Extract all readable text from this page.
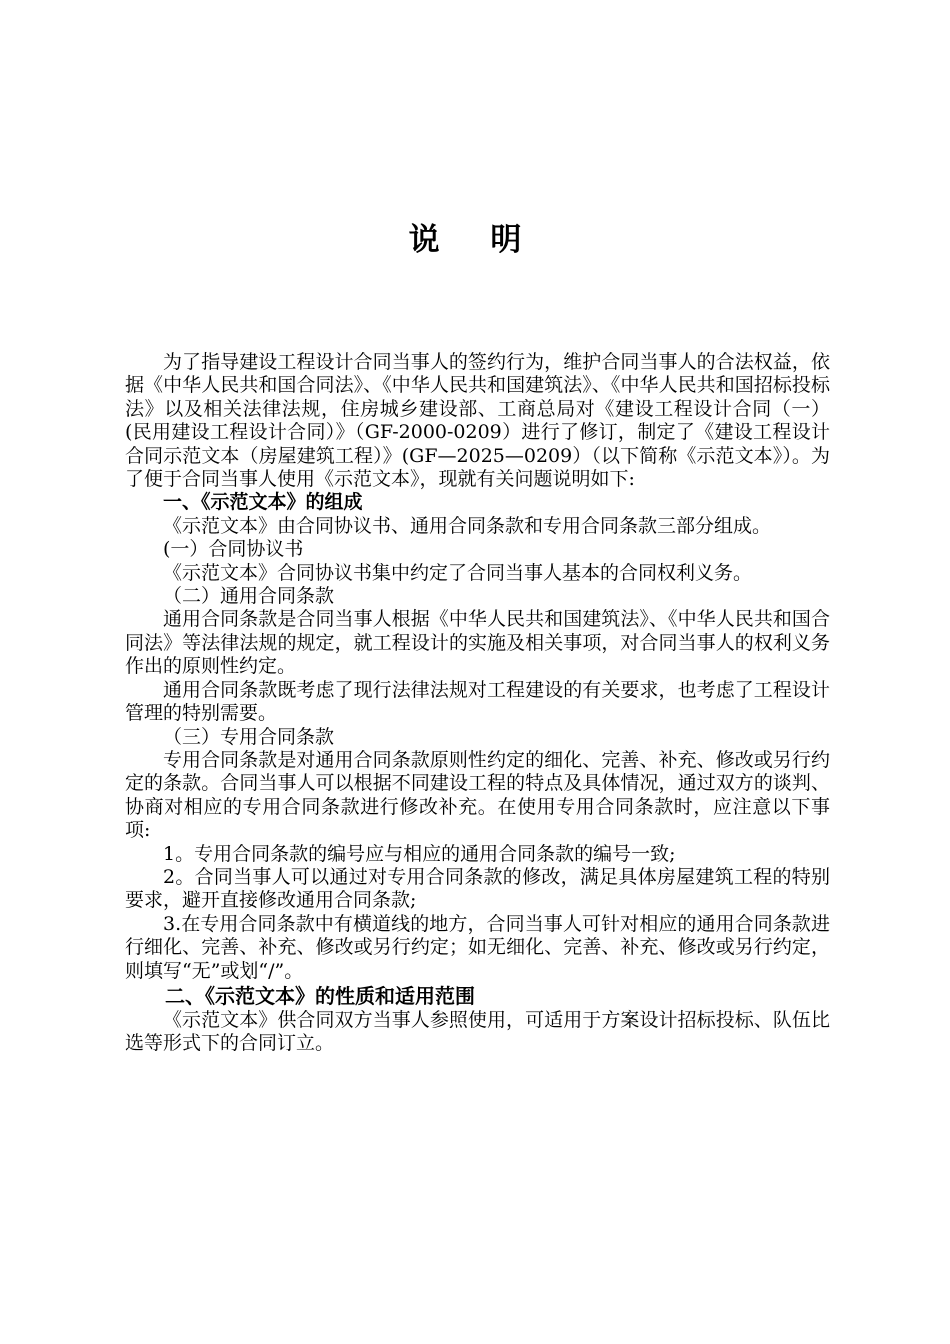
说 明

为了指导建设工程设计合同当事人的签约行为，维护合同当事人的合法权益，依据《中华人民共和国合同法》、《中华人民共和国建筑法》、《中华人民共和国招标投标法》以及相关法律法规，住房城乡建设部、工商总局对《建设工程设计合同（一）(民用建设工程设计合同）》（GF-2000-0209）进行了修订，制定了《建设工程设计合同示范文本（房屋建筑工程）》(GF—2025—0209）（以下简称《示范文本》）。为了便于合同当事人使用《示范文本》，现就有关问题说明如下:

一、《示范文本》的组成

《示范文本》由合同协议书、通用合同条款和专用合同条款三部分组成。

(一）合同协议书

《示范文本》合同协议书集中约定了合同当事人基本的合同权利义务。

（二）通用合同条款

通用合同条款是合同当事人根据《中华人民共和国建筑法》、《中华人民共和国合同法》等法律法规的规定，就工程设计的实施及相关事项，对合同当事人的权利义务作出的原则性约定。

通用合同条款既考虑了现行法律法规对工程建设的有关要求，也考虑了工程设计管理的特别需要。

（三）专用合同条款

专用合同条款是对通用合同条款原则性约定的细化、完善、补充、修改或另行约定的条款。合同当事人可以根据不同建设工程的特点及具体情况，通过双方的谈判、协商对相应的专用合同条款进行修改补充。在使用专用合同条款时，应注意以下事项:

1。专用合同条款的编号应与相应的通用合同条款的编号一致;

2。合同当事人可以通过对专用合同条款的修改，满足具体房屋建筑工程的特别要求，避开直接修改通用合同条款;

3.在专用合同条款中有横道线的地方，合同当事人可针对相应的通用合同条款进行细化、完善、补充、修改或另行约定；如无细化、完善、补充、修改或另行约定，则填写“无”或划“/”。

二、《示范文本》的性质和适用范围

《示范文本》供合同双方当事人参照使用，可适用于方案设计招标投标、队伍比选等形式下的合同订立。
